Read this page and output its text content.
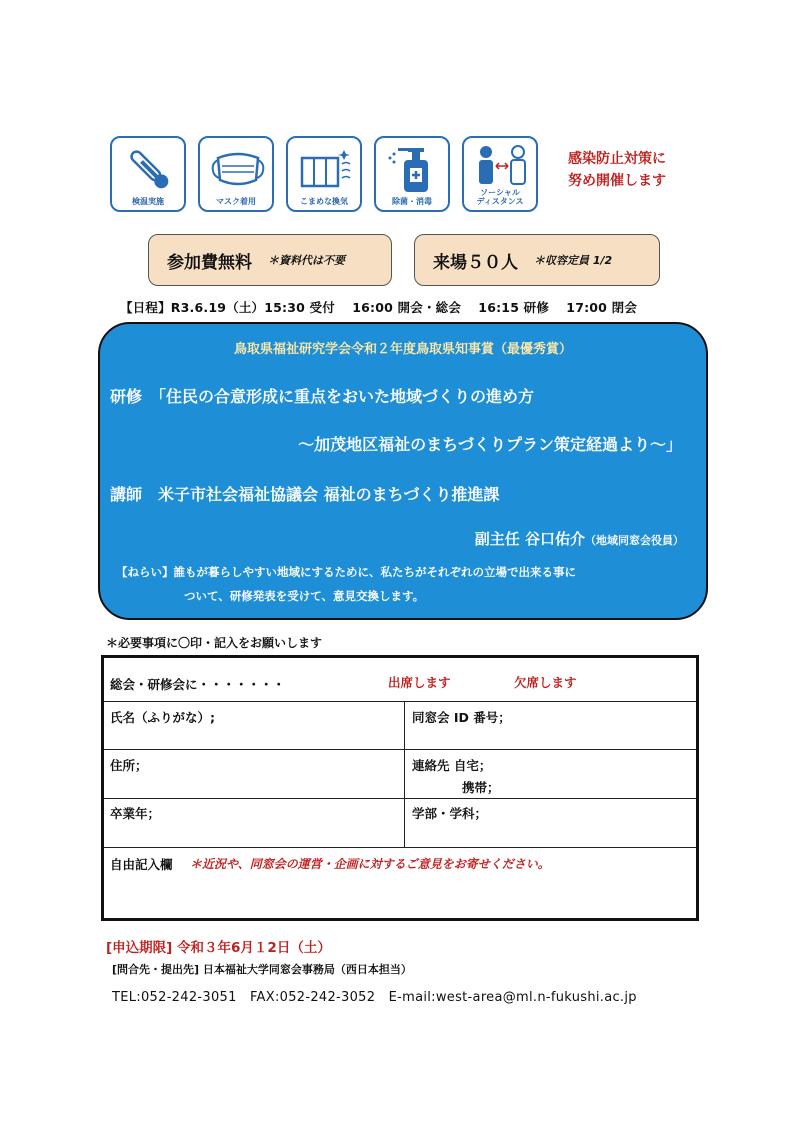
検温実施	マスク着用	こまめな換気	除菌・消毒
ソーシャル
ディスタンス
感染防止対策に
努め開催します
参加費無料 ＊資料代は不要	来場５０人 ＊収容定員 1/2
【日程】R3.6.19（土）15:30 受付　 16:00 開会・総会　 16:15 研修　 17:00 閉会
鳥取県福祉研究学会令和２年度鳥取県知事賞（最優秀賞）
研修　「住民の合意形成に重点をおいた地域づくりの進め方
〜加茂地区福祉のまちづくりプラン策定経過より〜」
講師　米子市社会福祉協議会 福祉のまちづくり推進課
副主任 谷口佑介（地域同窓会役員）
【ねらい】誰もが暮らしやすい地域にするために、私たちがそれぞれの立場で出来る事に
ついて、研修発表を受けて、意見交換します。
＊必要事項に〇印・記入をお願いします
総会・研修会に・・・・・・・	出席します	欠席します
氏名（ふりがな）;	同窓会 ID 番号；
住所；	連絡先 自宅；
携帯；
卒業年；	学部・学科；
自由記入欄 ＊近況や、同窓会の運営・企画に対するご意見をお寄せください。
[申込期限] 令和３年6月１2日（土）
[問合先・提出先] 日本福祉大学同窓会事務局（西日本担当）
TEL:052-242-3051　FAX:052-242-3052　E-mail:west-area@ml.n-fukushi.ac.jp
